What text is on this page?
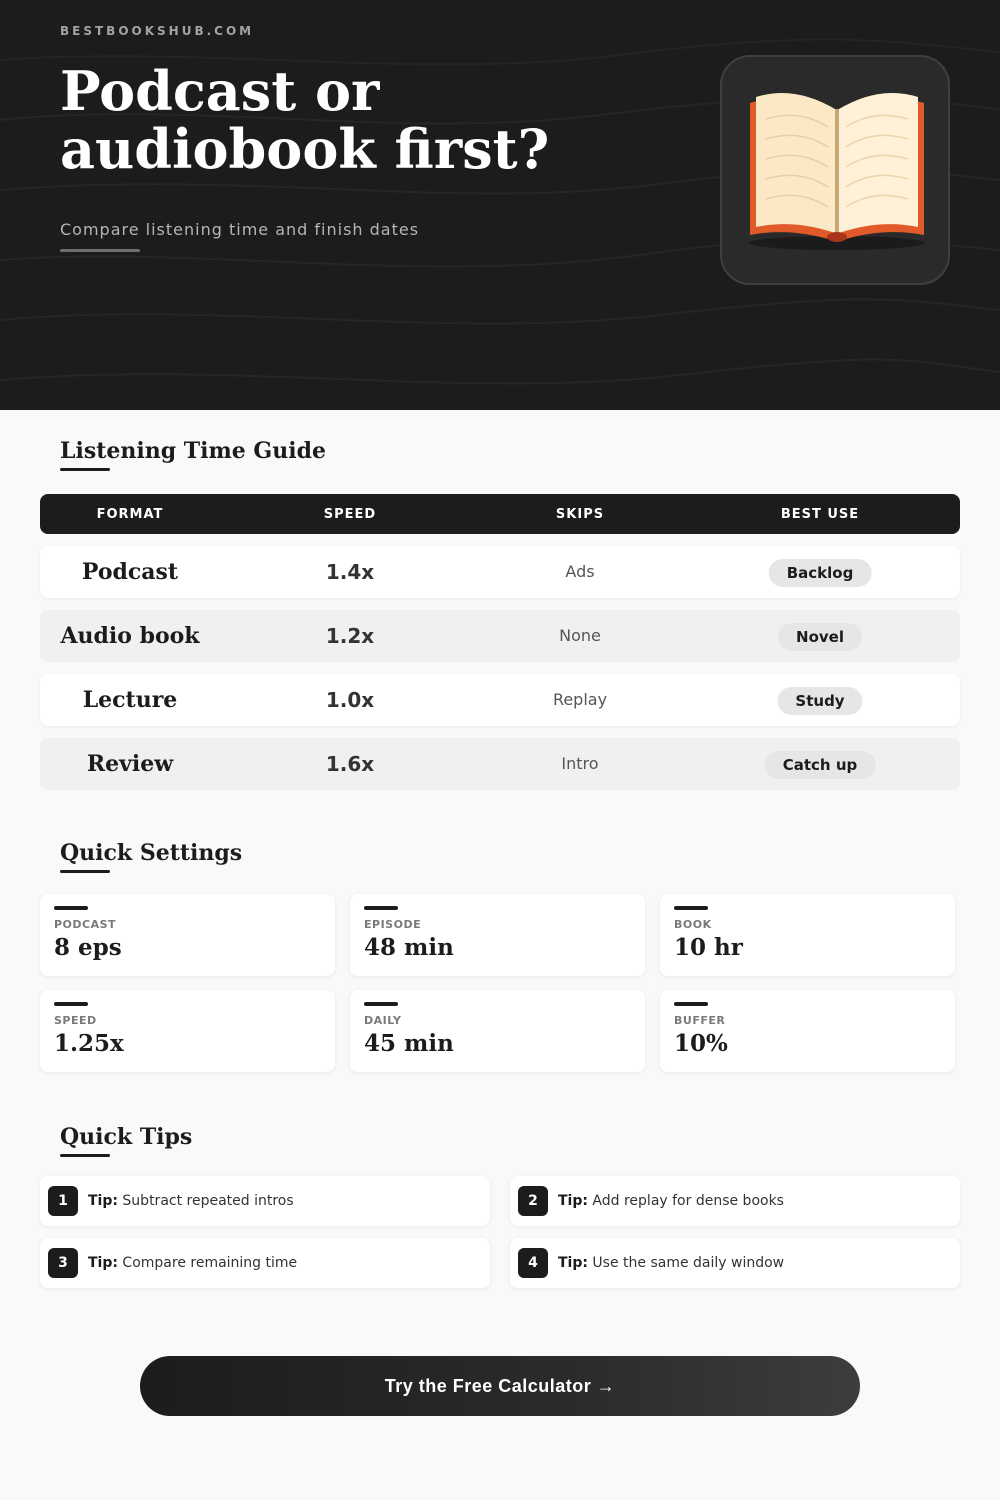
BESTBOOKSHUB.COM
Podcast or
audiobook first?
Compare listening time and finish dates
Listening Time Guide
FORMAT	SPEED	SKIPS	BEST USE
Podcast	1.4x	Ads	Backlog
Audio book	1.2x	None	Novel
Lecture	1.0x	Replay	Study
Review	1.6x	Intro	Catch up
Quick Settings
PODCAST
8 eps
EPISODE
48 min
BOOK
10 hr
SPEED
1.25x
DAILY
45 min
BUFFER
10%
Quick Tips
1	Tip: Subtract repeated intros	2	Tip: Add replay for dense books
3	Tip: Compare remaining time	4	Tip: Use the same daily window
Try the Free Calculator →
